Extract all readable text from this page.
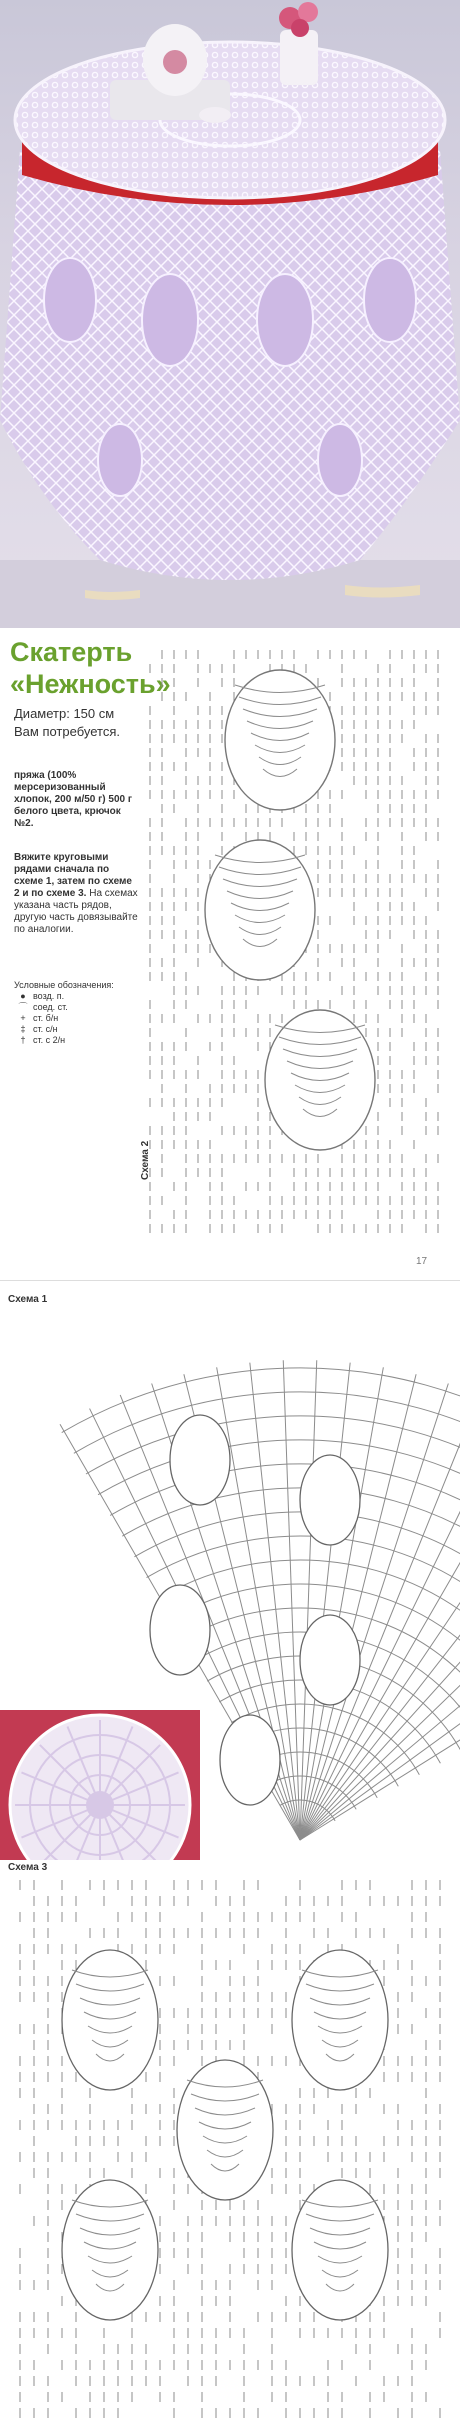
Скатерть
«Нежность»
Диаметр: 150 см
Вам потребуется.
пряжа (100% мерсеризованный хлопок, 200 м/50 г) 500 г белого цвета, крючок №2.
Вяжите круговыми рядами сначала по схеме 1, затем по схеме 2 и по схеме 3. На схемах указана часть рядов, другую часть довязывайте по аналогии.
Условные обозначения:
● возд. п.
⌒ соед. ст.
+ ст. б/н
‡ ст. с/н
† ст. с 2/н
Схема 2
17
Схема 1
Схема 3
